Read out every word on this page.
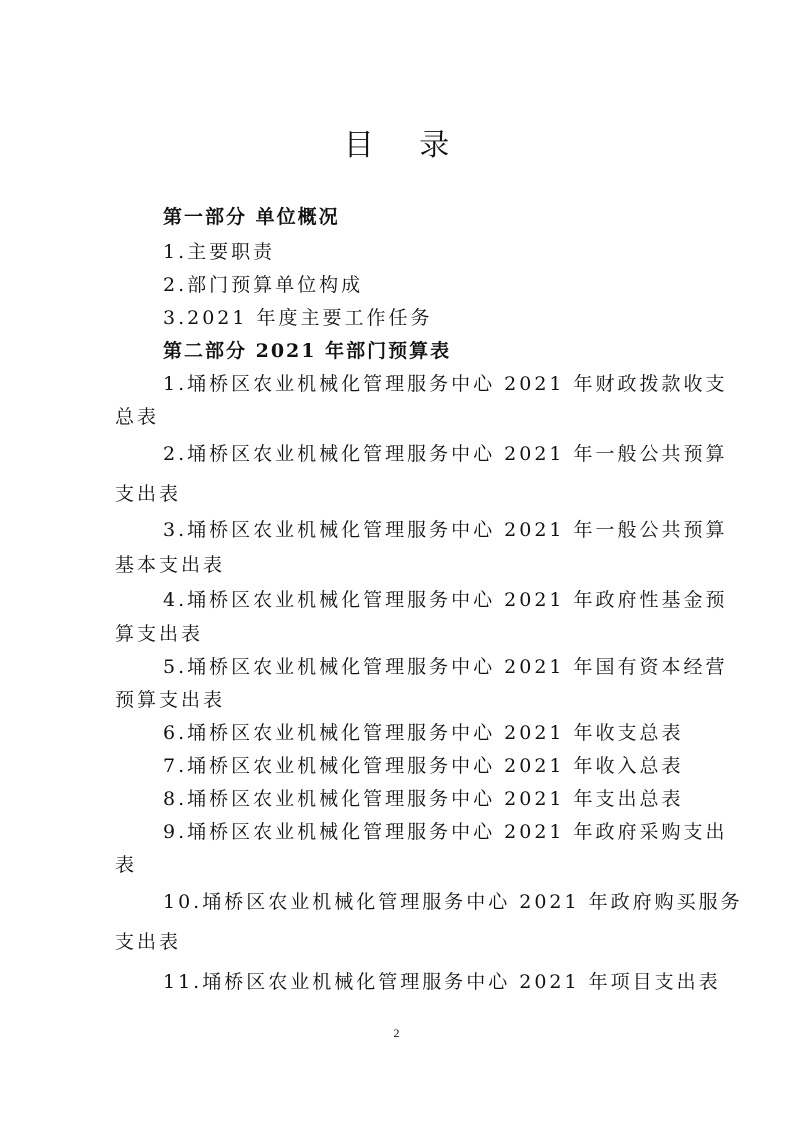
目 录
第一部分 单位概况
1.主要职责
2.部门预算单位构成
3.2021 年度主要工作任务
第二部分 2021 年部门预算表
1.埇桥区农业机械化管理服务中心 2021 年财政拨款收支
总表
2.埇桥区农业机械化管理服务中心 2021 年一般公共预算
支出表
3.埇桥区农业机械化管理服务中心 2021 年一般公共预算
基本支出表
4.埇桥区农业机械化管理服务中心 2021 年政府性基金预
算支出表
5.埇桥区农业机械化管理服务中心 2021 年国有资本经营
预算支出表
6.埇桥区农业机械化管理服务中心 2021 年收支总表
7.埇桥区农业机械化管理服务中心 2021 年收入总表
8.埇桥区农业机械化管理服务中心 2021 年支出总表
9.埇桥区农业机械化管理服务中心 2021 年政府采购支出
表
10.埇桥区农业机械化管理服务中心 2021 年政府购买服务
支出表
11.埇桥区农业机械化管理服务中心 2021 年项目支出表
2
